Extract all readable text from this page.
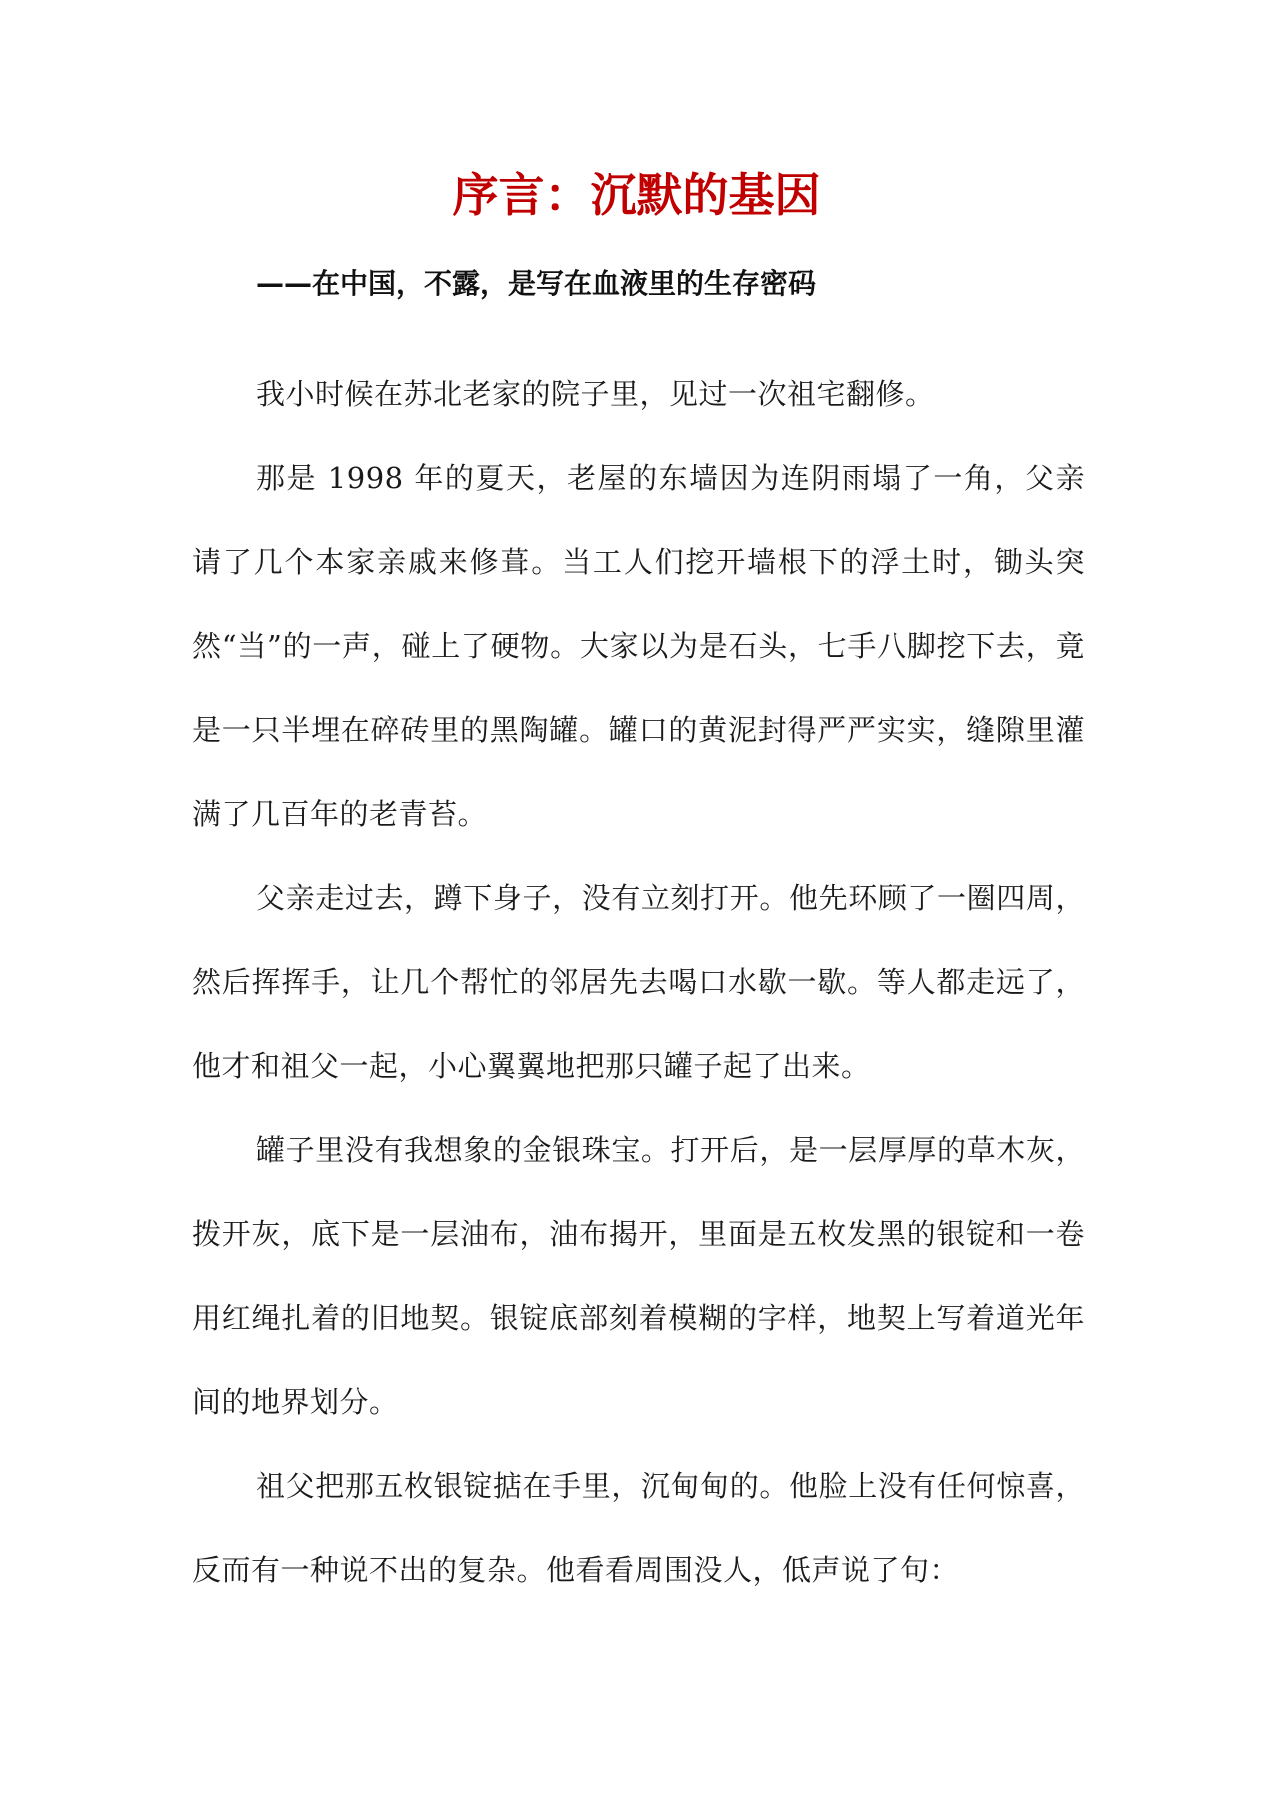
序言：沉默的基因

——在中国，不露，是写在血液里的生存密码

我小时候在苏北老家的院子里，见过一次祖宅翻修。

那是 1998 年的夏天，老屋的东墙因为连阴雨塌了一角，父亲请了几个本家亲戚来修葺。当工人们挖开墙根下的浮土时，锄头突然“当”的一声，碰上了硬物。大家以为是石头，七手八脚挖下去，竟是一只半埋在碎砖里的黑陶罐。罐口的黄泥封得严严实实，缝隙里灌满了几百年的老青苔。

父亲走过去，蹲下身子，没有立刻打开。他先环顾了一圈四周，然后挥挥手，让几个帮忙的邻居先去喝口水歇一歇。等人都走远了，他才和祖父一起，小心翼翼地把那只罐子起了出来。

罐子里没有我想象的金银珠宝。打开后，是一层厚厚的草木灰，拨开灰，底下是一层油布，油布揭开，里面是五枚发黑的银锭和一卷用红绳扎着的旧地契。银锭底部刻着模糊的字样，地契上写着道光年间的地界划分。

祖父把那五枚银锭掂在手里，沉甸甸的。他脸上没有任何惊喜，反而有一种说不出的复杂。他看看周围没人，低声说了句：
